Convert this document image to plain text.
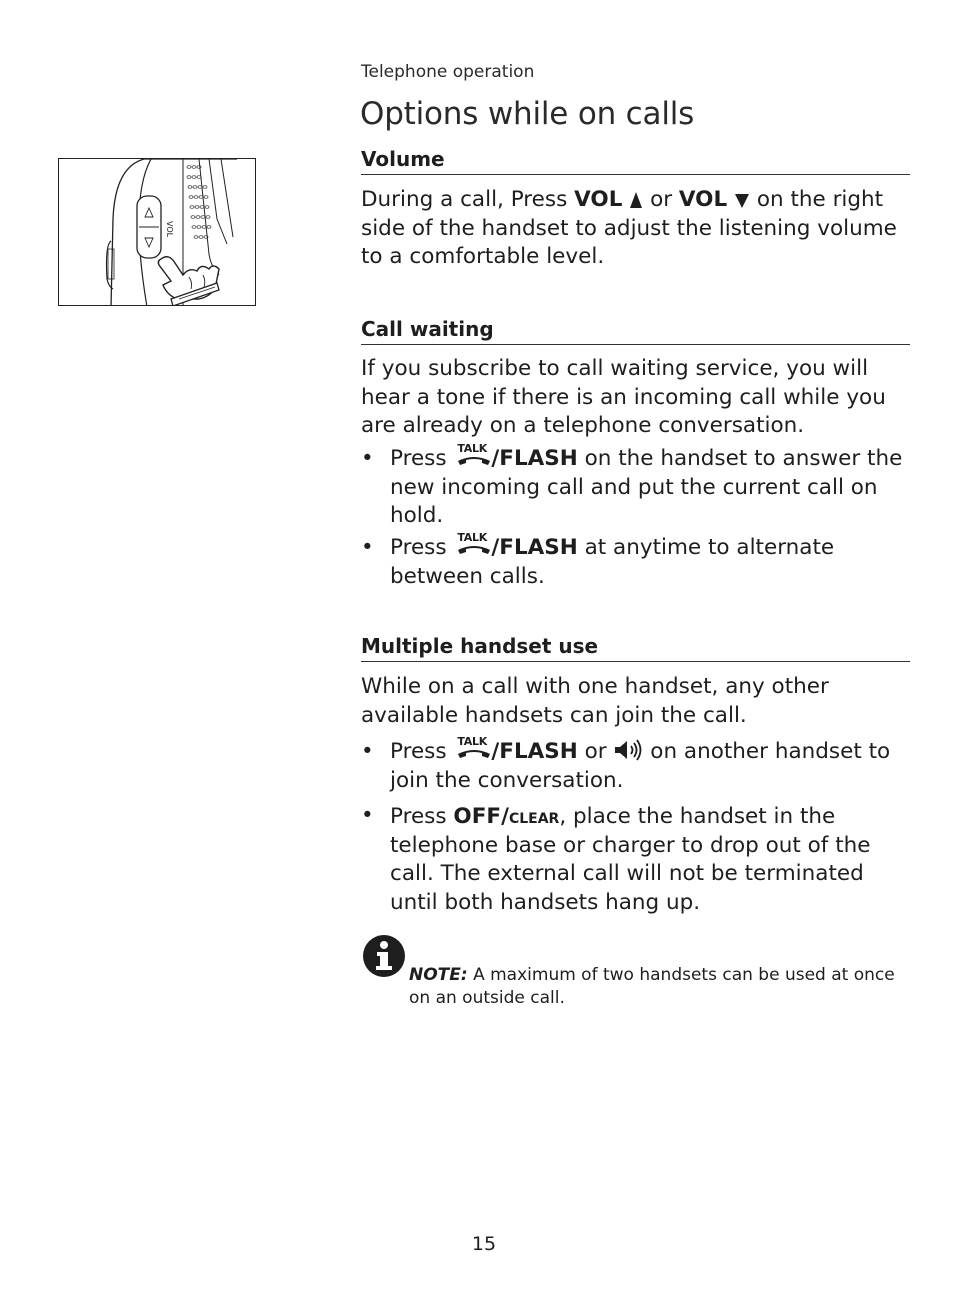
Telephone operation
Options while on calls
VOL
Volume

During a call, Press VOL  or VOL  on the right
side of the handset to adjust the listening volume to a comfortable level.

Call waiting

If you subscribe to call waiting service, you will hear a tone if there is an incoming call while you are already on a telephone conversation.

• Press TALK /FLASH on the handset to answer the new incoming call and put the current call on hold.
• Press TALK /FLASH at anytime to alternate between calls.
Multiple handset use

While on a call with one handset, any other available handsets can join the call.

• Press TALK /FLASH or  on another handset to join the conversation.
• Press OFF/clear, place the handset in the telephone base or charger to drop out of the call. The external call will not be terminated until both handsets hang up.

NOTE: A maximum of two handsets can be used at once on an outside call.

15
